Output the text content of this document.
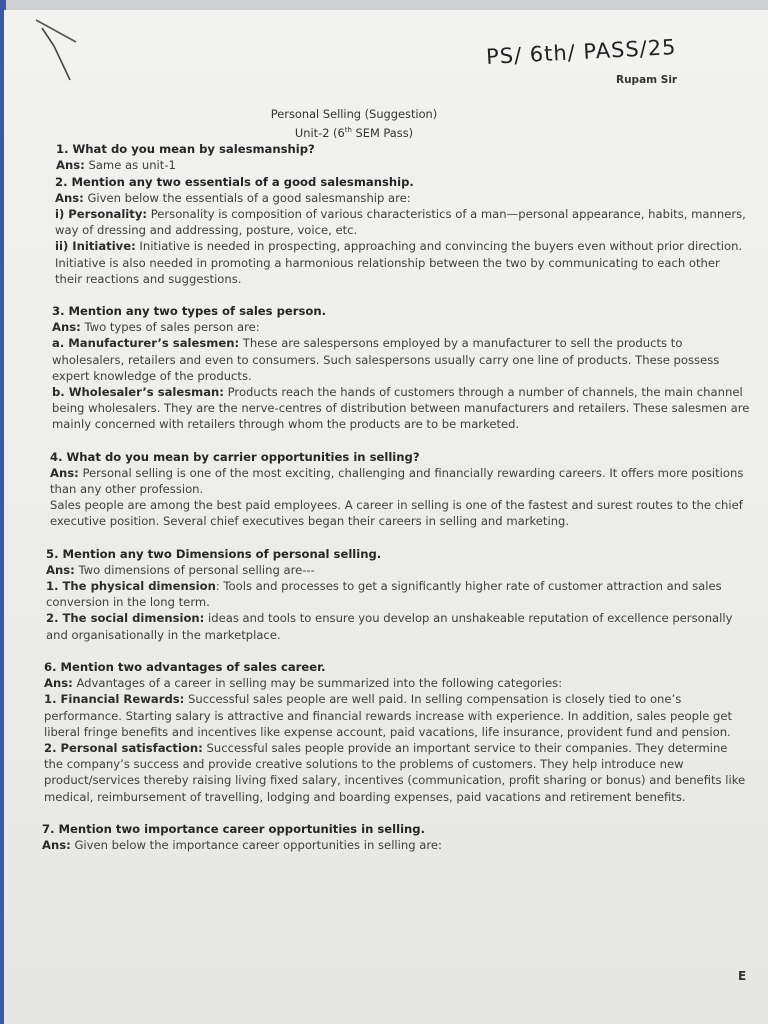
PS/ 6th/ PASS/25
Rupam Sir
Personal Selling (Suggestion)
Unit-2 (6th SEM Pass)

1. What do you mean by salesmanship?

Ans: Same as unit-1

2. Mention any two essentials of a good salesmanship.

Ans: Given below the essentials of a good salesmanship are:

i) Personality: Personality is composition of various characteristics of a man—personal appearance, habits, manners, way of dressing and addressing, posture, voice, etc.

ii) Initiative: Initiative is needed in prospecting, approaching and convincing the buyers even without prior direction. Initiative is also needed in promoting a harmonious relationship between the two by communicating to each other their reactions and suggestions.

3. Mention any two types of sales person.

Ans: Two types of sales person are:

a. Manufacturer’s salesmen: These are salespersons employed by a manufacturer to sell the products to wholesalers, retailers and even to consumers. Such salespersons usually carry one line of products. These possess expert knowledge of the products.

b. Wholesaler’s salesman: Products reach the hands of customers through a number of channels, the main channel being wholesalers. They are the nerve-centres of distribution between manufacturers and retailers. These salesmen are mainly concerned with retailers through whom the products are to be marketed.

4. What do you mean by carrier opportunities in selling?

Ans: Personal selling is one of the most exciting, challenging and financially rewarding careers. It offers more positions than any other profession.

Sales people are among the best paid employees. A career in selling is one of the fastest and surest routes to the chief executive position. Several chief executives began their careers in selling and marketing.

5. Mention any two Dimensions of personal selling.

Ans: Two dimensions of personal selling are---

1. The physical dimension: Tools and processes to get a significantly higher rate of customer attraction and sales conversion in the long term.

2. The social dimension: ideas and tools to ensure you develop an unshakeable reputation of excellence personally and organisationally in the marketplace.

6. Mention two advantages of sales career.

Ans: Advantages of a career in selling may be summarized into the following categories:

1. Financial Rewards: Successful sales people are well paid. In selling compensation is closely tied to one’s performance. Starting salary is attractive and financial rewards increase with experience. In addition, sales people get liberal fringe benefits and incentives like expense account, paid vacations, life insurance, provident fund and pension.

2. Personal satisfaction: Successful sales people provide an important service to their companies. They determine the company’s success and provide creative solutions to the problems of customers. They help introduce new product/services thereby raising living fixed salary, incentives (communication, profit sharing or bonus) and benefits like medical, reimbursement of travelling, lodging and boarding expenses, paid vacations and retirement benefits.

7. Mention two importance career opportunities in selling.

Ans: Given below the importance career opportunities in selling are:

E
